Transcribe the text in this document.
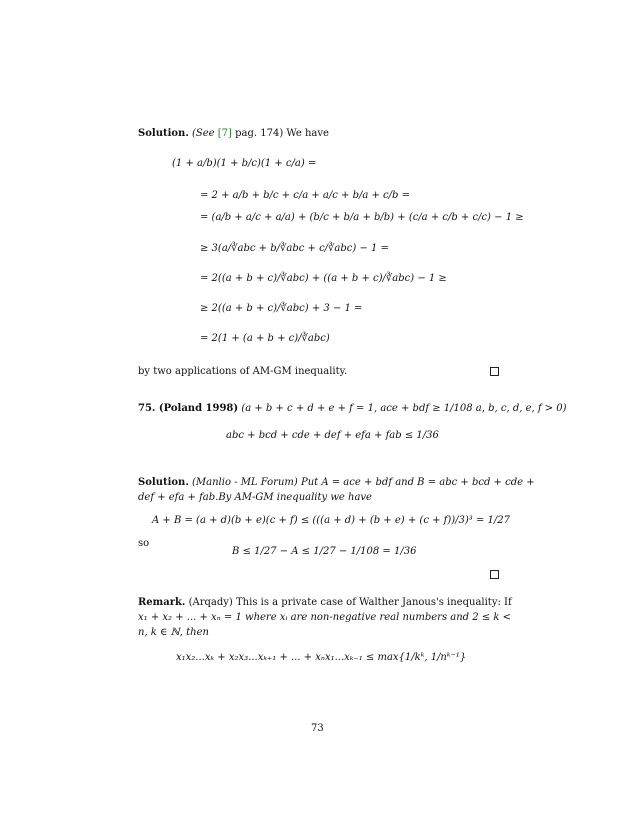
Solution. (See [7] pag. 174) We have
(1 + a/b)(1 + b/c)(1 + c/a) =
= 2 + a/b + b/c + c/a + a/c + b/a + c/b =
= (a/b + a/c + a/a) + (b/c + b/a + b/b) + (c/a + c/b + c/c) − 1 ≥
≥ 3(a/∛abc + b/∛abc + c/∛abc) − 1 =
= 2((a + b + c)/∛abc) + ((a + b + c)/∛abc) − 1 ≥
≥ 2((a + b + c)/∛abc) + 3 − 1 =
= 2(1 + (a + b + c)/∛abc)
by two applications of AM-GM inequality.
75. (Poland 1998) (a + b + c + d + e + f = 1, ace + bdf ≥ 1/108 a, b, c, d, e, f > 0)
abc + bcd + cde + def + efa + fab ≤ 1/36
Solution. (Manlio - ML Forum) Put A = ace + bdf and B = abc + bcd + cde +
def + efa + fab.By AM-GM inequality we have
A + B = (a + d)(b + e)(c + f) ≤ (((a + d) + (b + e) + (c + f))/3)³ = 1/27
so
B ≤ 1/27 − A ≤ 1/27 − 1/108 = 1/36
Remark. (Arqady) This is a private case of Walther Janous's inequality: If
x₁ + x₂ + ... + xₙ = 1 where xᵢ are non-negative real numbers and 2 ≤ k <
n, k ∈ ℕ, then
x₁x₂...xₖ + x₂x₃...xₖ₊₁ + ... + xₙx₁...xₖ₋₁ ≤ max{1/kᵏ, 1/nᵏ⁻¹}
73
